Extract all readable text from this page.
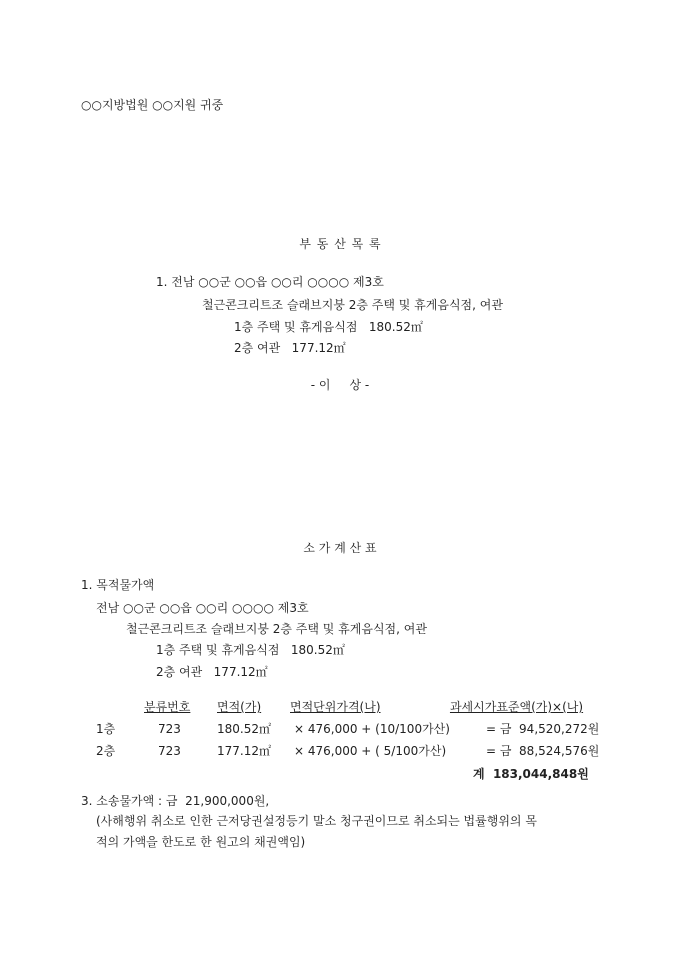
○○지방법원 ○○지원 귀중
부 동 산 목 록
1. 전남 ○○군 ○○읍 ○○리 ○○○○ 제3호
철근콘크리트조 슬래브지붕 2층 주택 및 휴게음식점, 여관
1층 주택 및 휴게음식점   180.52㎡
2층 여관   177.12㎡
- 이     상 -
소 가 계 산 표
1. 목적물가액
전남 ○○군 ○○읍 ○○리 ○○○○ 제3호
철근콘크리트조 슬래브지붕 2층 주택 및 휴게음식점, 여관
1층 주택 및 휴게음식점   180.52㎡
2층 여관   177.12㎡
	분류번호	면적(가)	면적단위가격(나)	과세시가표준액(가)×(나)
1층	723	180.52㎡	× 476,000 + (10/100가산)	= 금  94,520,272원
2층	723	177.12㎡	× 476,000 + ( 5/100가산)	= 금  88,524,576원
계  183,044,848원
3. 소송물가액 : 금  21,900,000원,
(사해행위 취소로 인한 근저당권설정등기 말소 청구권이므로 취소되는 법률행위의 목
적의 가액을 한도로 한 원고의 채권액임)
